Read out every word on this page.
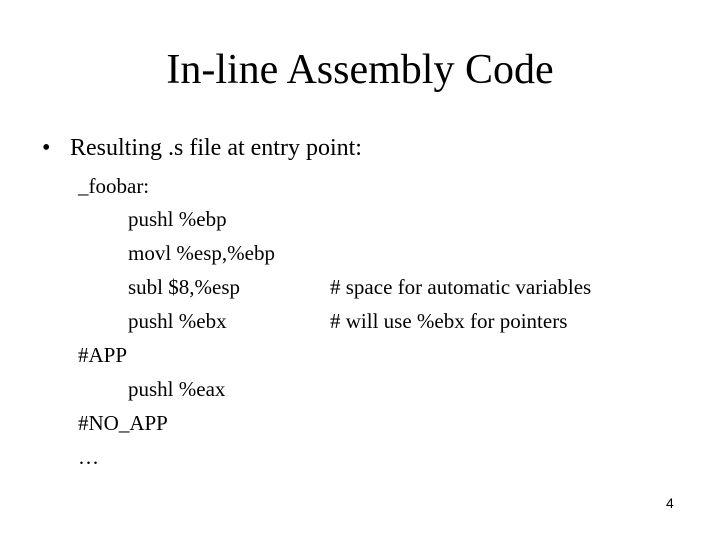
In-line Assembly Code
• Resulting .s file at entry point:
_foobar:
pushl %ebp
movl %esp,%ebp
subl $8,%esp	# space for automatic variables
pushl %ebx	# will use %ebx for pointers
#APP
pushl %eax
#NO_APP
…
4
